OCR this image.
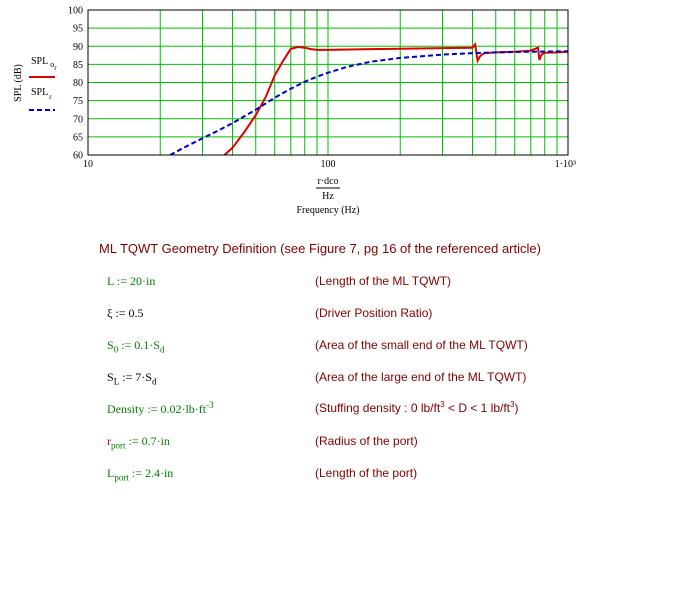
100
95
90
85
80
75
70
65
60
10	100	1·10³
SPL (dB)
SPL $_{or}$
$SPL_r$
r·dco
Hz
Frequency (Hz)
ML TQWT Geometry Definition (see Figure 7, pg 16 of the referenced article)
L := 20·in	(Length of the ML TQWT)
ξ := 0.5	(Driver Position Ratio)
$S_0$ := $0.1\cdot S_d$	(Area of the small end of the ML TQWT)
$S_L$ := $7\cdot S_d$	(Area of the large end of the ML TQWT)
Density := $0.02\cdot lb\cdot ft^{-3}$	(Stuffing density : 0 $lb/ft^3 < D < 1$ $lb/ft^3$)
$r_{port}$ := 0.7·in	(Radius of the port)
$L_{port}$ := 2.4·in	(Length of the port)
